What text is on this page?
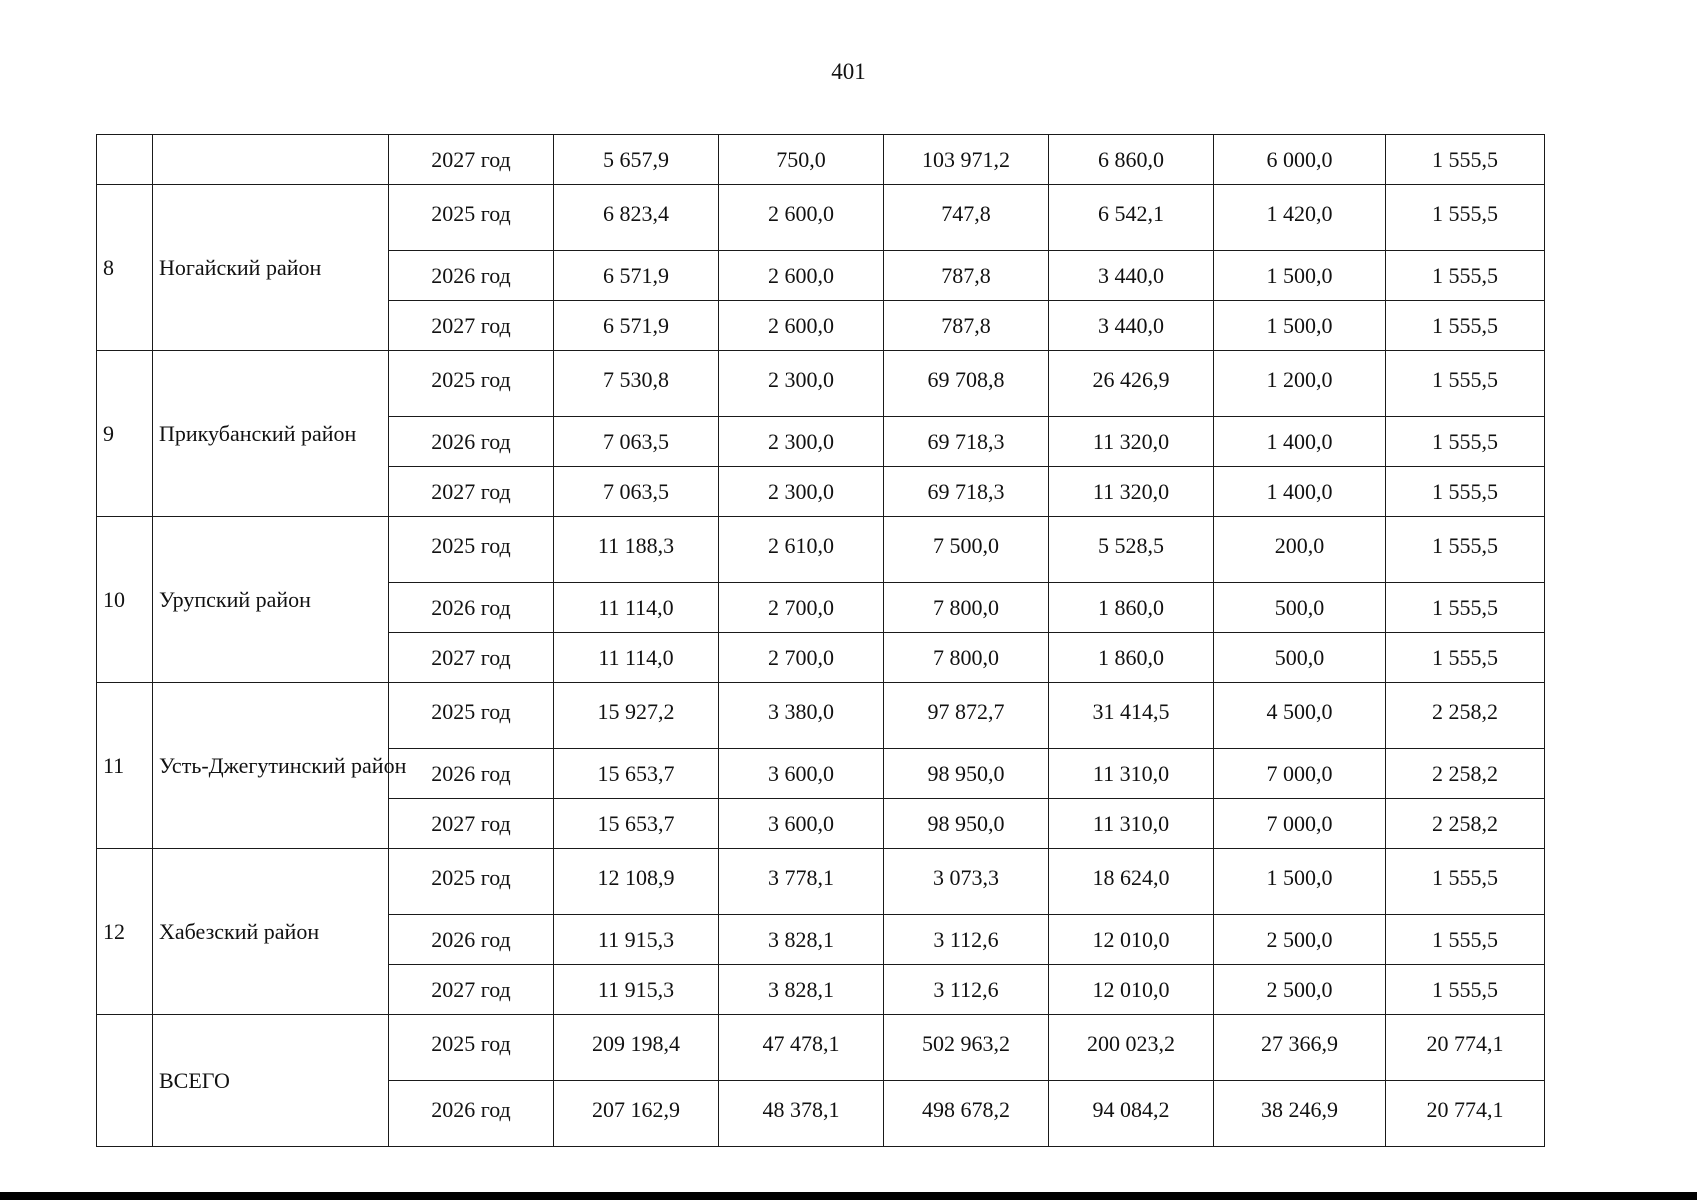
401
		2027 год	5 657,9	750,0	103 971,2	6 860,0	6 000,0	1 555,5
8	Ногайский район	2025 год	6 823,4	2 600,0	747,8	6 542,1	1 420,0	1 555,5
		2026 год	6 571,9	2 600,0	787,8	3 440,0	1 500,0	1 555,5
		2027 год	6 571,9	2 600,0	787,8	3 440,0	1 500,0	1 555,5
9	Прикубанский район	2025 год	7 530,8	2 300,0	69 708,8	26 426,9	1 200,0	1 555,5
		2026 год	7 063,5	2 300,0	69 718,3	11 320,0	1 400,0	1 555,5
		2027 год	7 063,5	2 300,0	69 718,3	11 320,0	1 400,0	1 555,5
10	Урупский район	2025 год	11 188,3	2 610,0	7 500,0	5 528,5	200,0	1 555,5
		2026 год	11 114,0	2 700,0	7 800,0	1 860,0	500,0	1 555,5
		2027 год	11 114,0	2 700,0	7 800,0	1 860,0	500,0	1 555,5
11	Усть-Джегутинский район	2025 год	15 927,2	3 380,0	97 872,7	31 414,5	4 500,0	2 258,2
		2026 год	15 653,7	3 600,0	98 950,0	11 310,0	7 000,0	2 258,2
		2027 год	15 653,7	3 600,0	98 950,0	11 310,0	7 000,0	2 258,2
12	Хабезский район	2025 год	12 108,9	3 778,1	3 073,3	18 624,0	1 500,0	1 555,5
		2026 год	11 915,3	3 828,1	3 112,6	12 010,0	2 500,0	1 555,5
		2027 год	11 915,3	3 828,1	3 112,6	12 010,0	2 500,0	1 555,5
	ВСЕГО	2025 год	209 198,4	47 478,1	502 963,2	200 023,2	27 366,9	20 774,1
		2026 год	207 162,9	48 378,1	498 678,2	94 084,2	38 246,9	20 774,1
